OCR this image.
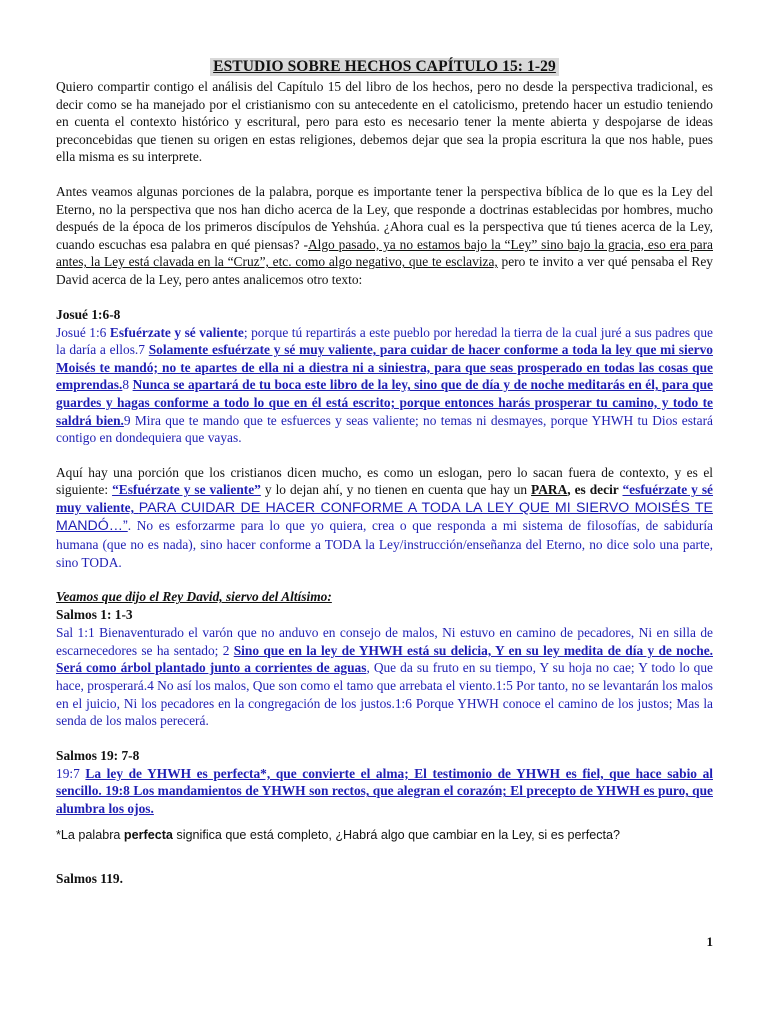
ESTUDIO SOBRE HECHOS CAPÍTULO 15: 1-29

Quiero compartir contigo el análisis del Capítulo 15 del libro de los hechos, pero no desde la perspectiva tradicional, es decir como se ha manejado por el cristianismo con su antecedente en el catolicismo, pretendo hacer un estudio teniendo en cuenta el contexto histórico y escritural, pero para esto es necesario tener la mente abierta y despojarse de ideas preconcebidas que tienen su origen en estas religiones, debemos dejar que sea la propia escritura la que nos hable, pues ella misma es su interprete.

Antes veamos algunas porciones de la palabra, porque es importante tener la perspectiva bíblica de lo que es la Ley del Eterno, no la perspectiva que nos han dicho acerca de la Ley, que responde a doctrinas establecidas por hombres, mucho después de la época de los primeros discípulos de Yehshúa. ¿Ahora cual es la perspectiva que tú tienes acerca de la Ley, cuando escuchas esa palabra en qué piensas? -Algo pasado, ya no estamos bajo la “Ley” sino bajo la gracia, eso era para antes, la Ley está clavada en la “Cruz”, etc. como algo negativo, que te esclaviza, pero te invito a ver qué pensaba el Rey David acerca de la Ley, pero antes analicemos otro texto:

Josué 1:6-8

Josué 1:6 Esfuérzate y sé valiente; porque tú repartirás a este pueblo por heredad la tierra de la cual juré a sus padres que la daría a ellos.7 Solamente esfuérzate y sé muy valiente, para cuidar de hacer conforme a toda la ley que mi siervo Moisés te mandó; no te apartes de ella ni a diestra ni a siniestra, para que seas prosperado en todas las cosas que emprendas.8 Nunca se apartará de tu boca este libro de la ley, sino que de día y de noche meditarás en él, para que guardes y hagas conforme a todo lo que en él está escrito; porque entonces harás prosperar tu camino, y todo te saldrá bien.9 Mira que te mando que te esfuerces y seas valiente; no temas ni desmayes, porque YHWH tu Dios estará contigo en dondequiera que vayas.

Aquí hay una porción que los cristianos dicen mucho, es como un eslogan, pero lo sacan fuera de contexto, y es el siguiente: “Esfuérzate y se valiente” y lo dejan ahí, y no tienen en cuenta que hay un PARA, es decir “esfuérzate y sé muy valiente, PARA CUIDAR DE HACER CONFORME A TODA LA LEY QUE MI SIERVO MOISÉS TE MANDÓ…”. No es esforzarme para lo que yo quiera, crea o que responda a mi sistema de filosofías, de sabiduría humana (que no es nada), sino hacer conforme a TODA la Ley/instrucción/enseñanza del Eterno, no dice solo una parte, sino TODA.

Veamos que dijo el Rey David, siervo del Altísimo:
Salmos 1: 1-3

Sal 1:1 Bienaventurado el varón que no anduvo en consejo de malos, Ni estuvo en camino de pecadores, Ni en silla de escarnecedores se ha sentado; 2 Sino que en la ley de YHWH está su delicia, Y en su ley medita de día y de noche. Será como árbol plantado junto a corrientes de aguas, Que da su fruto en su tiempo, Y su hoja no cae; Y todo lo que hace, prosperará.4 No así los malos, Que son como el tamo que arrebata el viento.1:5 Por tanto, no se levantarán los malos en el juicio, Ni los pecadores en la congregación de los justos.1:6 Porque YHWH conoce el camino de los justos; Mas la senda de los malos perecerá.

Salmos 19: 7-8

19:7 La ley de YHWH es perfecta*, que convierte el alma; El testimonio de YHWH es fiel, que hace sabio al sencillo. 19:8 Los mandamientos de YHWH son rectos, que alegran el corazón; El precepto de YHWH es puro, que alumbra los ojos.

*La palabra perfecta significa que está completo, ¿Habrá algo que cambiar en la Ley, si es perfecta?

Salmos 119.
1
